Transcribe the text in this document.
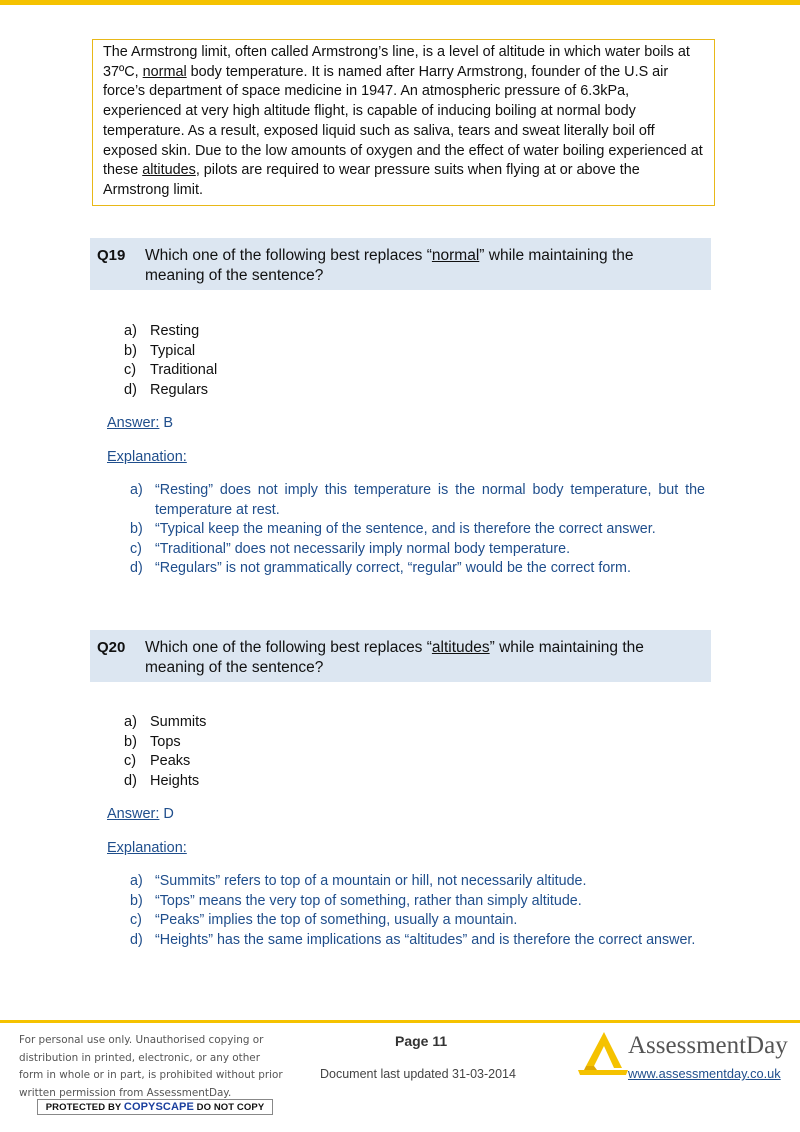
The Armstrong limit, often called Armstrong’s line, is a level of altitude in which water boils at 37ºC, normal body temperature. It is named after Harry Armstrong, founder of the U.S air force’s department of space medicine in 1947. An atmospheric pressure of 6.3kPa, experienced at very high altitude flight, is capable of inducing boiling at normal body temperature. As a result, exposed liquid such as saliva, tears and sweat literally boil off exposed skin. Due to the low amounts of oxygen and the effect of water boiling experienced at these altitudes, pilots are required to wear pressure suits when flying at or above the Armstrong limit.
Q19 Which one of the following best replaces “normal” while maintaining the meaning of the sentence?
a) Resting
b) Typical
c) Traditional
d) Regulars
Answer: B
Explanation:
a) “Resting” does not imply this temperature is the normal body temperature, but the temperature at rest.
b) “Typical keep the meaning of the sentence, and is therefore the correct answer.
c) “Traditional” does not necessarily imply normal body temperature.
d) “Regulars” is not grammatically correct, “regular” would be the correct form.
Q20 Which one of the following best replaces “altitudes” while maintaining the meaning of the sentence?
a) Summits
b) Tops
c) Peaks
d) Heights
Answer: D
Explanation:
a) “Summits” refers to top of a mountain or hill, not necessarily altitude.
b) “Tops” means the very top of something, rather than simply altitude.
c) “Peaks” implies the top of something, usually a mountain.
d) “Heights” has the same implications as “altitudes” and is therefore the correct answer.
For personal use only. Unauthorised copying or distribution in printed, electronic, or any other form in whole or in part, is prohibited without prior written permission from AssessmentDay.
PROTECTED BY COPYSCAPE DO NOT COPY
Page 11
Document last updated 31-03-2014
AssessmentDay
www.assessmentday.co.uk
